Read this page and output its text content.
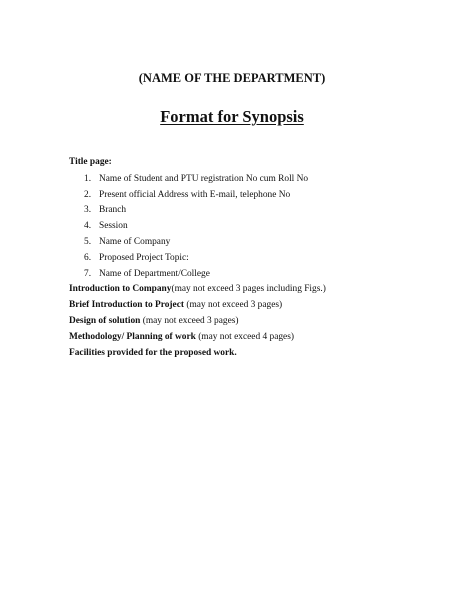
(NAME OF THE DEPARTMENT)
Format for Synopsis
Title page:
1. Name of Student and PTU registration No cum Roll No
2. Present official Address with E-mail, telephone No
3. Branch
4. Session
5. Name of Company
6. Proposed Project Topic:
7. Name of Department/College
Introduction to Company(may not exceed 3 pages including Figs.)
Brief Introduction to Project (may not exceed 3 pages)
Design of solution (may not exceed 3 pages)
Methodology/ Planning of work (may not exceed 4 pages)
Facilities provided for the proposed work.
